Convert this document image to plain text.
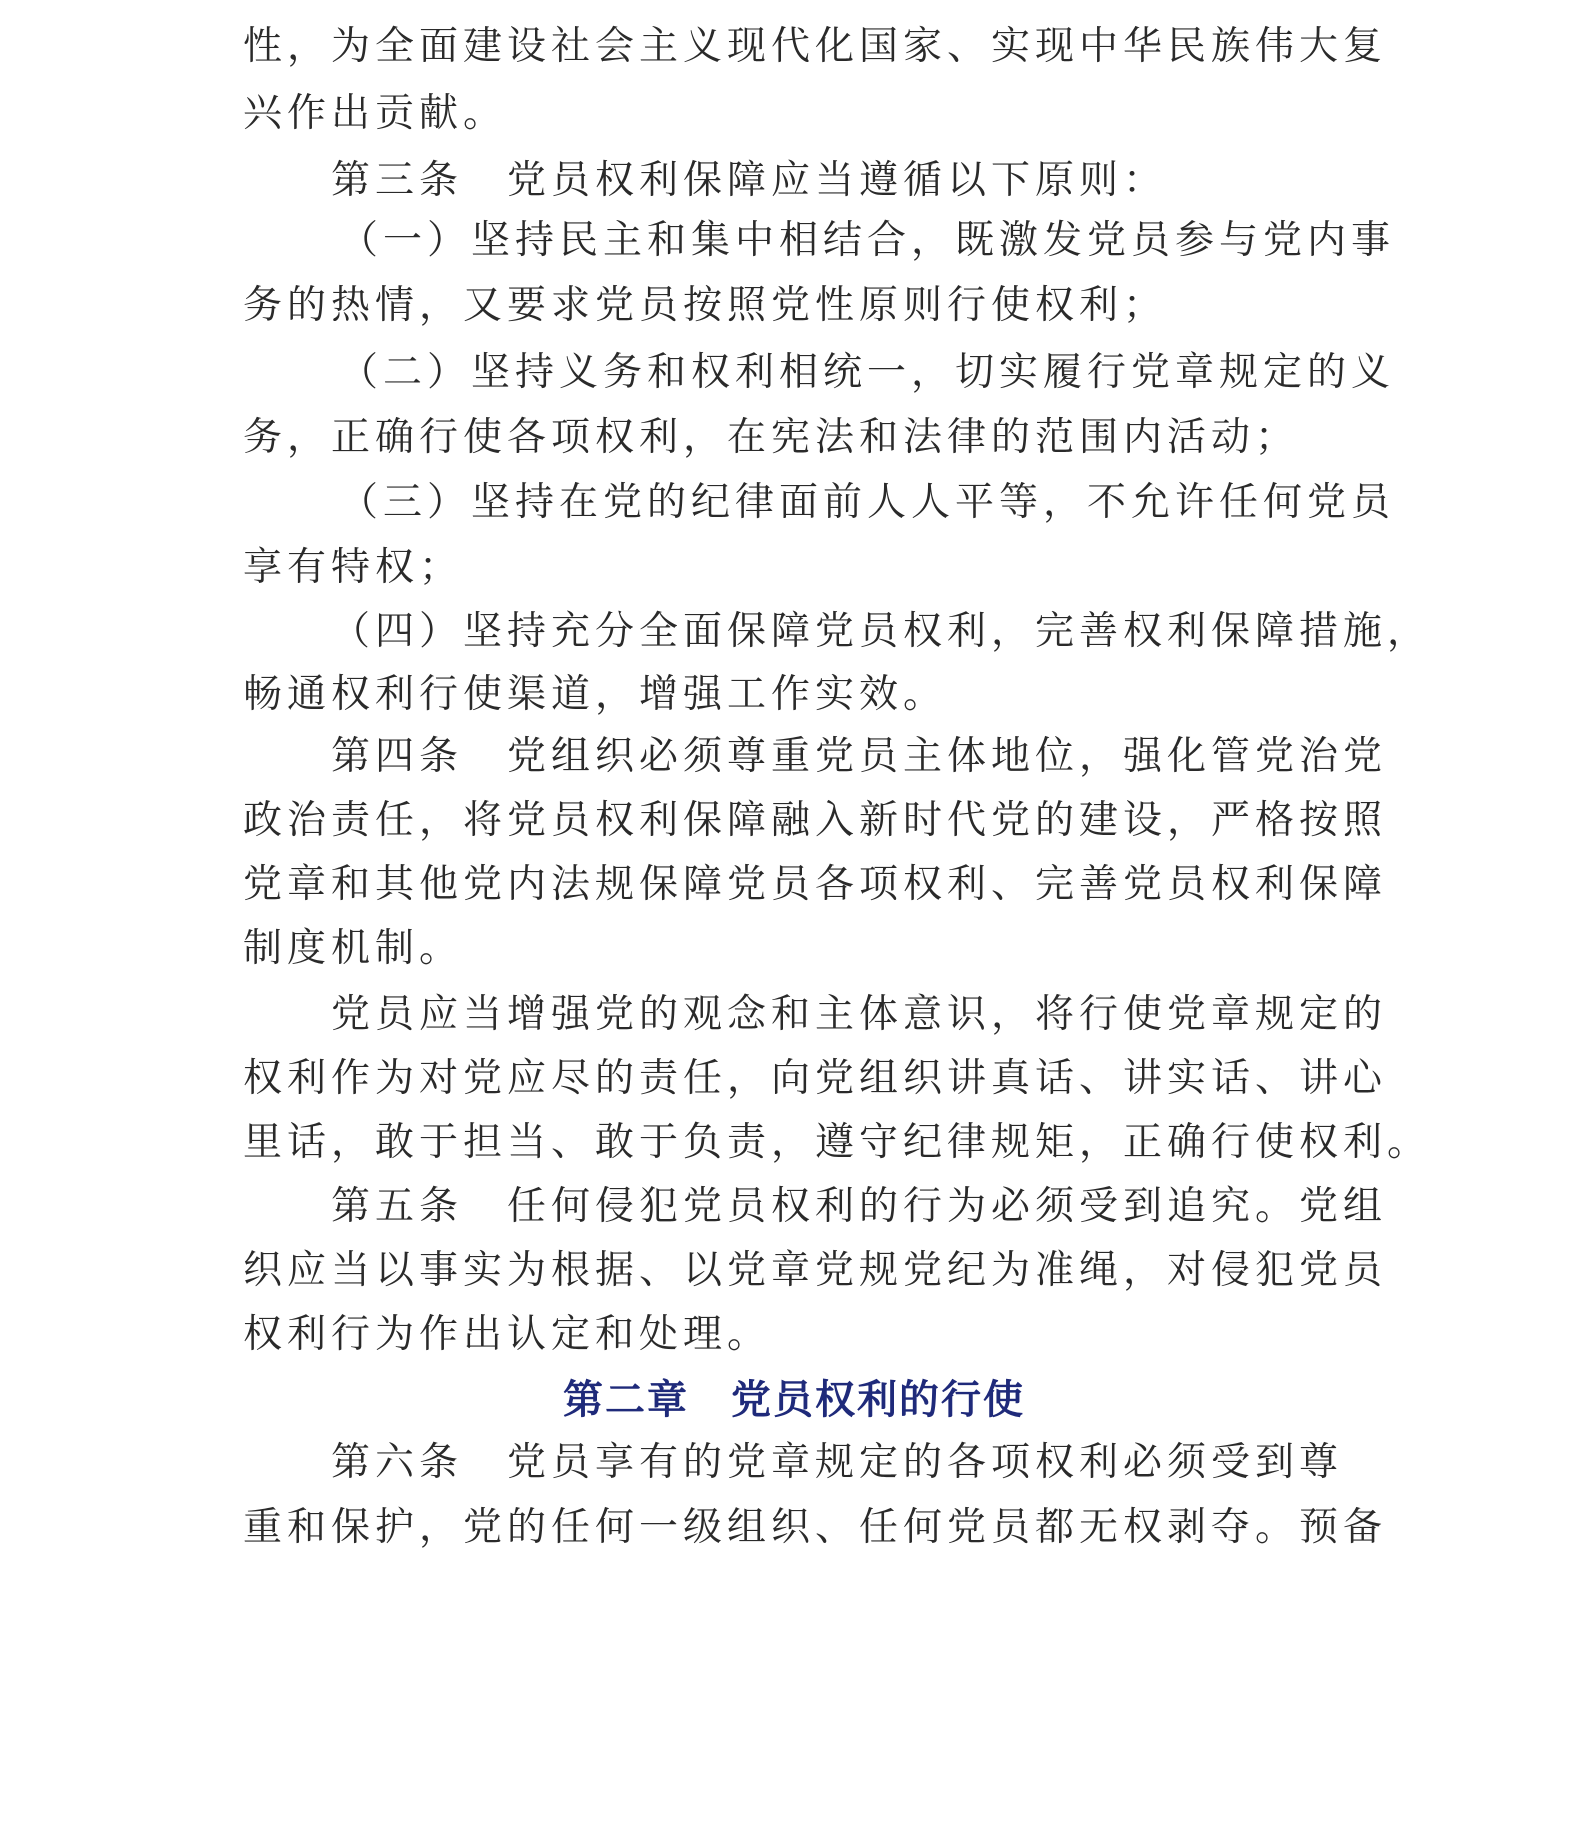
性，为全面建设社会主义现代化国家、实现中华民族伟大复
兴作出贡献。
第三条　党员权利保障应当遵循以下原则：
（一）坚持民主和集中相结合，既激发党员参与党内事
务的热情，又要求党员按照党性原则行使权利；
（二）坚持义务和权利相统一，切实履行党章规定的义
务，正确行使各项权利，在宪法和法律的范围内活动；
（三）坚持在党的纪律面前人人平等，不允许任何党员
享有特权；
（四）坚持充分全面保障党员权利，完善权利保障措施，
畅通权利行使渠道，增强工作实效。
第四条　党组织必须尊重党员主体地位，强化管党治党
政治责任，将党员权利保障融入新时代党的建设，严格按照
党章和其他党内法规保障党员各项权利、完善党员权利保障
制度机制。
党员应当增强党的观念和主体意识，将行使党章规定的
权利作为对党应尽的责任，向党组织讲真话、讲实话、讲心
里话，敢于担当、敢于负责，遵守纪律规矩，正确行使权利。
第五条　任何侵犯党员权利的行为必须受到追究。党组
织应当以事实为根据、以党章党规党纪为准绳，对侵犯党员
权利行为作出认定和处理。
第二章　党员权利的行使
第六条　党员享有的党章规定的各项权利必须受到尊
重和保护，党的任何一级组织、任何党员都无权剥夺。预备
